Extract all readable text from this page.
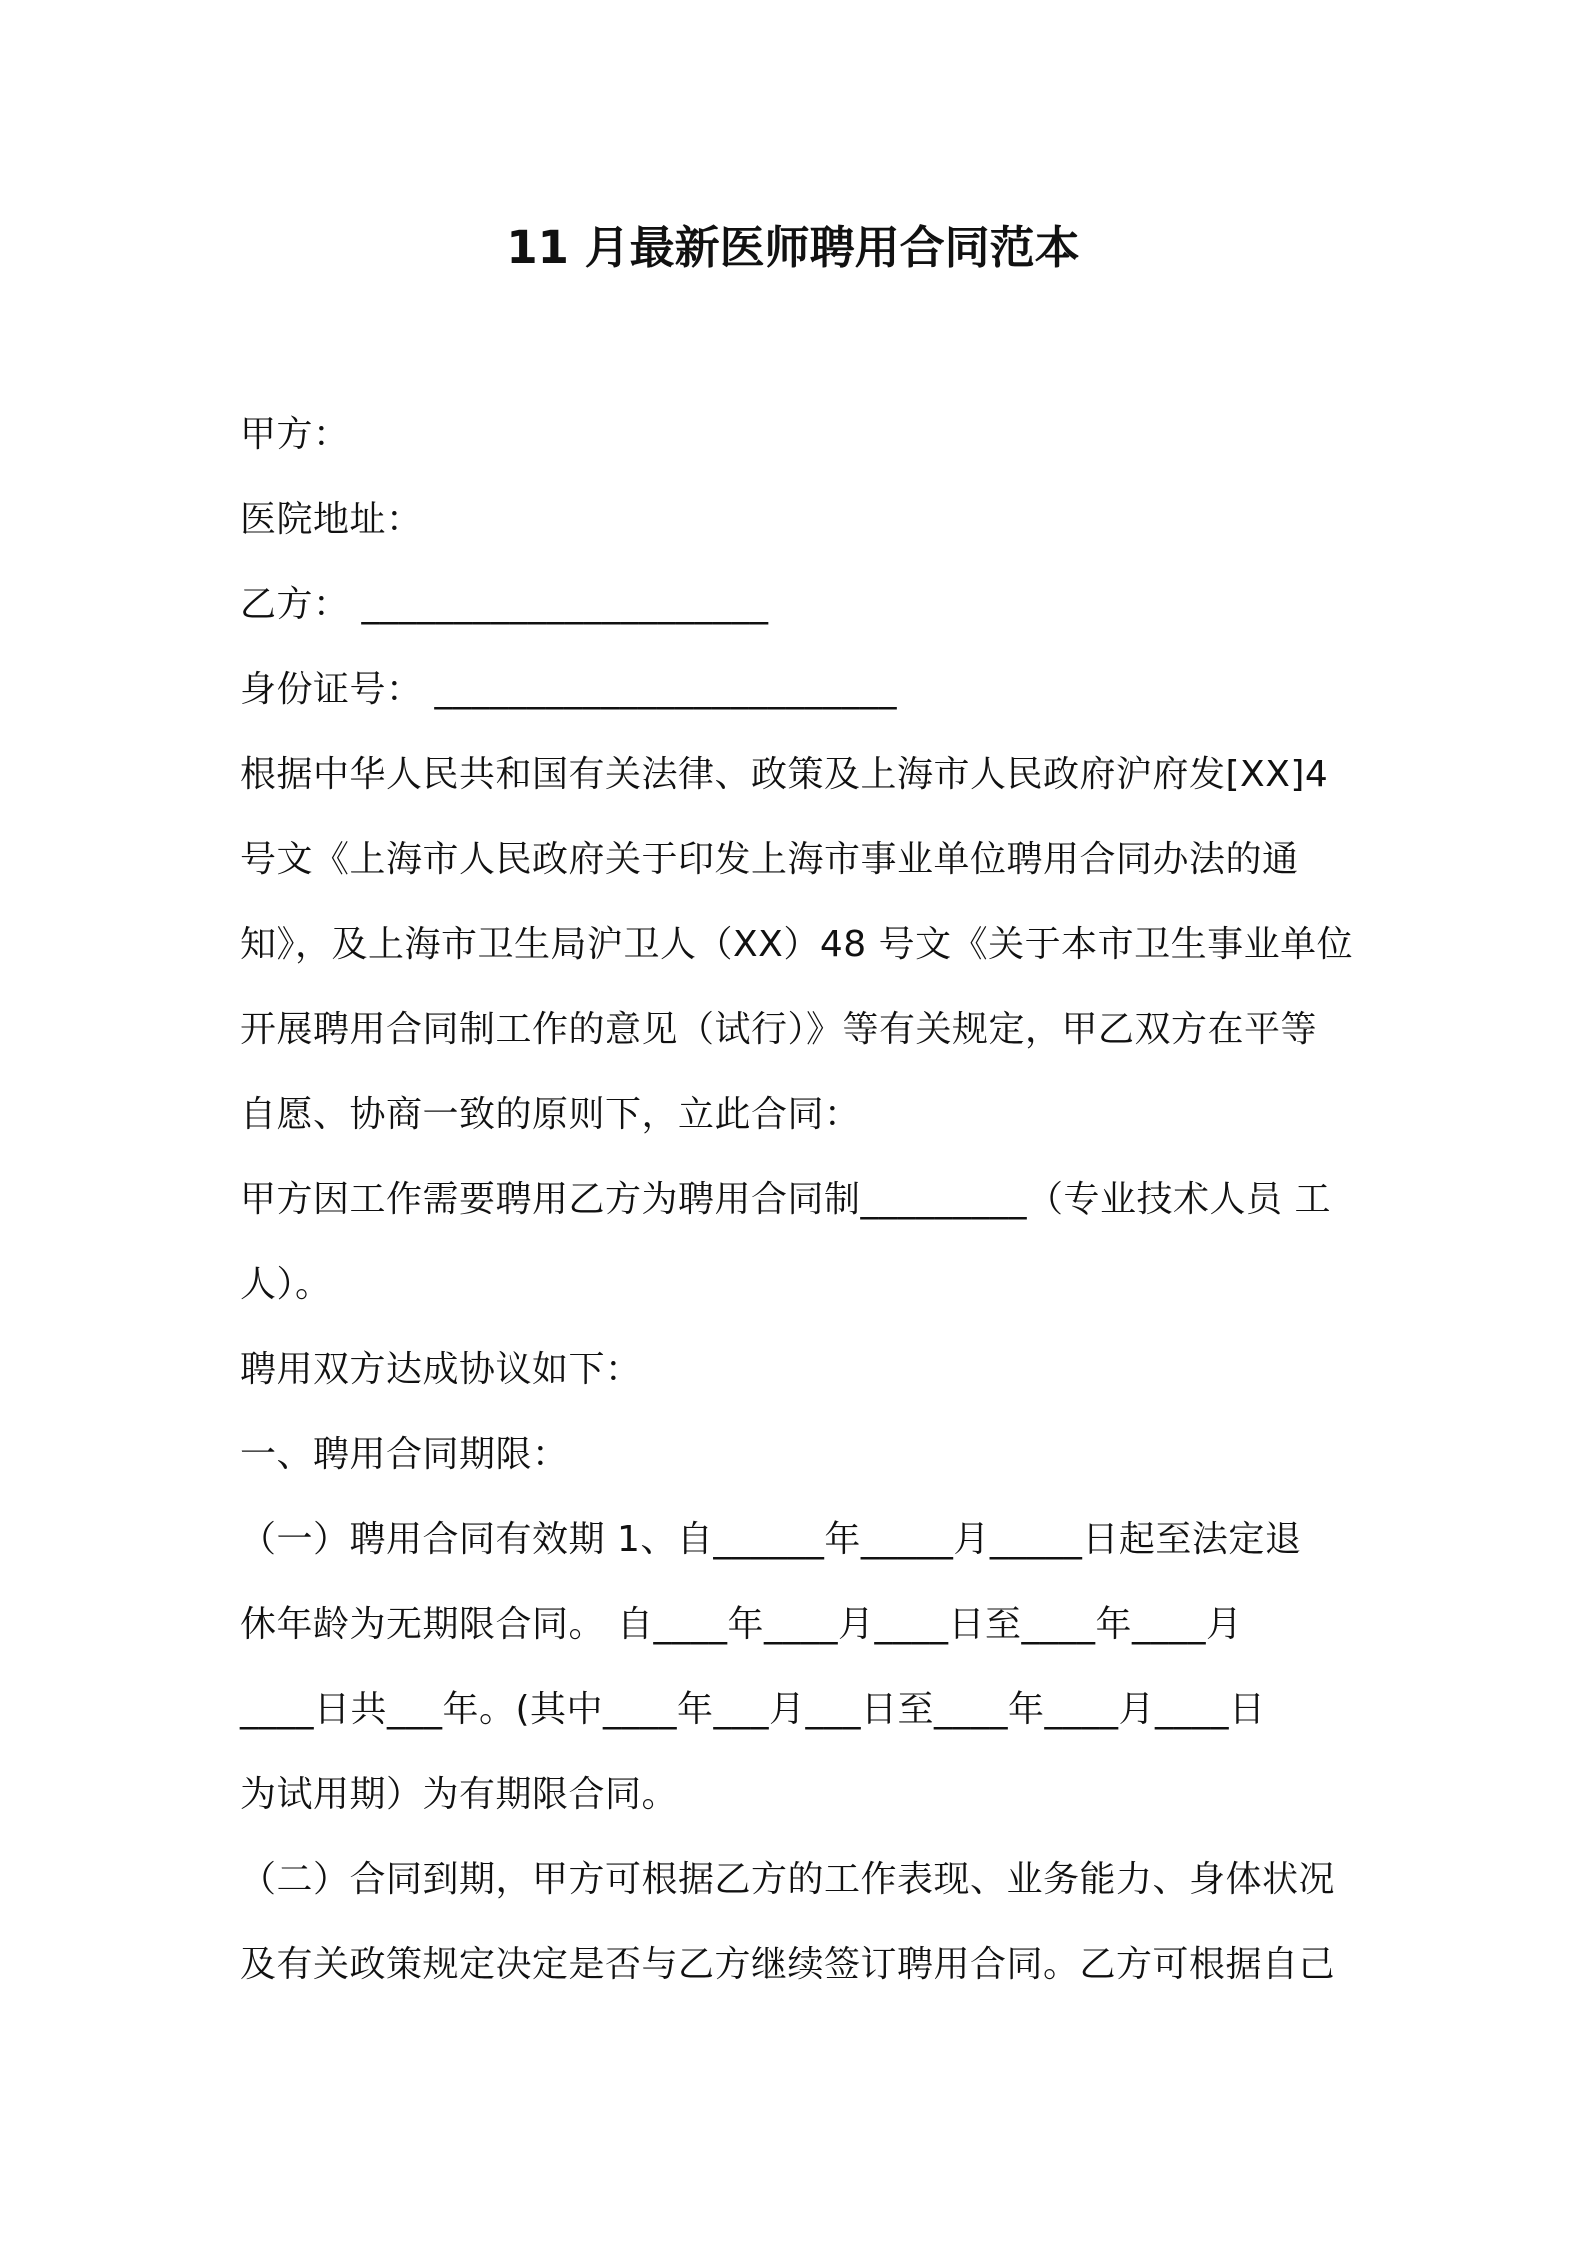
11 月最新医师聘用合同范本
甲方：
医院地址：
乙方： ______________________
身份证号： _________________________
根据中华人民共和国有关法律、政策及上海市人民政府沪府发[XX]4
号文《上海市人民政府关于印发上海市事业单位聘用合同办法的通
知》，及上海市卫生局沪卫人（XX）48 号文《关于本市卫生事业单位
开展聘用合同制工作的意见（试行）》等有关规定，甲乙双方在平等
自愿、协商一致的原则下，立此合同：
甲方因工作需要聘用乙方为聘用合同制_________（专业技术人员 工
人）。
聘用双方达成协议如下：
一、聘用合同期限：
（一）聘用合同有效期 1、自______年_____月_____日起至法定退
休年龄为无期限合同。 自____年____月____日至____年____月
____日共___年。(其中____年___月___日至____年____月____日
为试用期）为有期限合同。
（二）合同到期，甲方可根据乙方的工作表现、业务能力、身体状况
及有关政策规定决定是否与乙方继续签订聘用合同。乙方可根据自己
